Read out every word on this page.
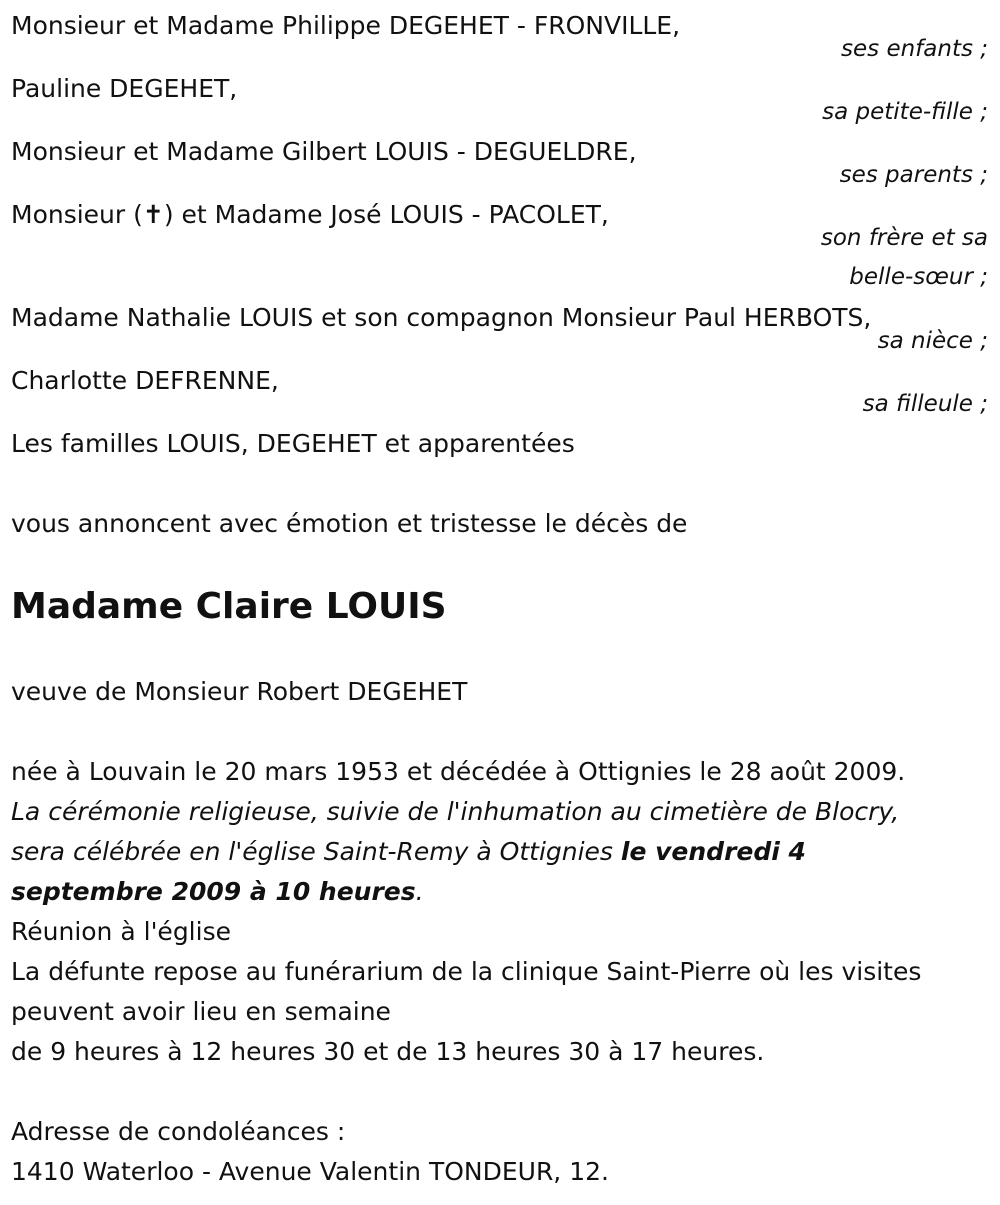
Monsieur et Madame Philippe DEGEHET - FRONVILLE,
ses enfants ;
Pauline DEGEHET,
sa petite-fille ;
Monsieur et Madame Gilbert LOUIS - DEGUELDRE,
ses parents ;
Monsieur (✝) et Madame José LOUIS - PACOLET,
son frère et sa
belle-sœur ;
Madame Nathalie LOUIS et son compagnon Monsieur Paul HERBOTS,
sa nièce ;
Charlotte DEFRENNE,
sa filleule ;
Les familles LOUIS, DEGEHET et apparentées
vous annoncent avec émotion et tristesse le décès de
Madame Claire LOUIS
veuve de Monsieur Robert DEGEHET

née à Louvain le 20 mars 1953 et décédée à Ottignies le 28 août 2009.

La cérémonie religieuse, suivie de l'inhumation au cimetière de Blocry,

sera célébrée en l'église Saint-Remy à Ottignies le vendredi 4

septembre 2009 à 10 heures.

Réunion à l'église

La défunte repose au funérarium de la clinique Saint-Pierre où les visites

peuvent avoir lieu en semaine

de 9 heures à 12 heures 30 et de 13 heures 30 à 17 heures.

Adresse de condoléances :

1410 Waterloo - Avenue Valentin TONDEUR, 12.
